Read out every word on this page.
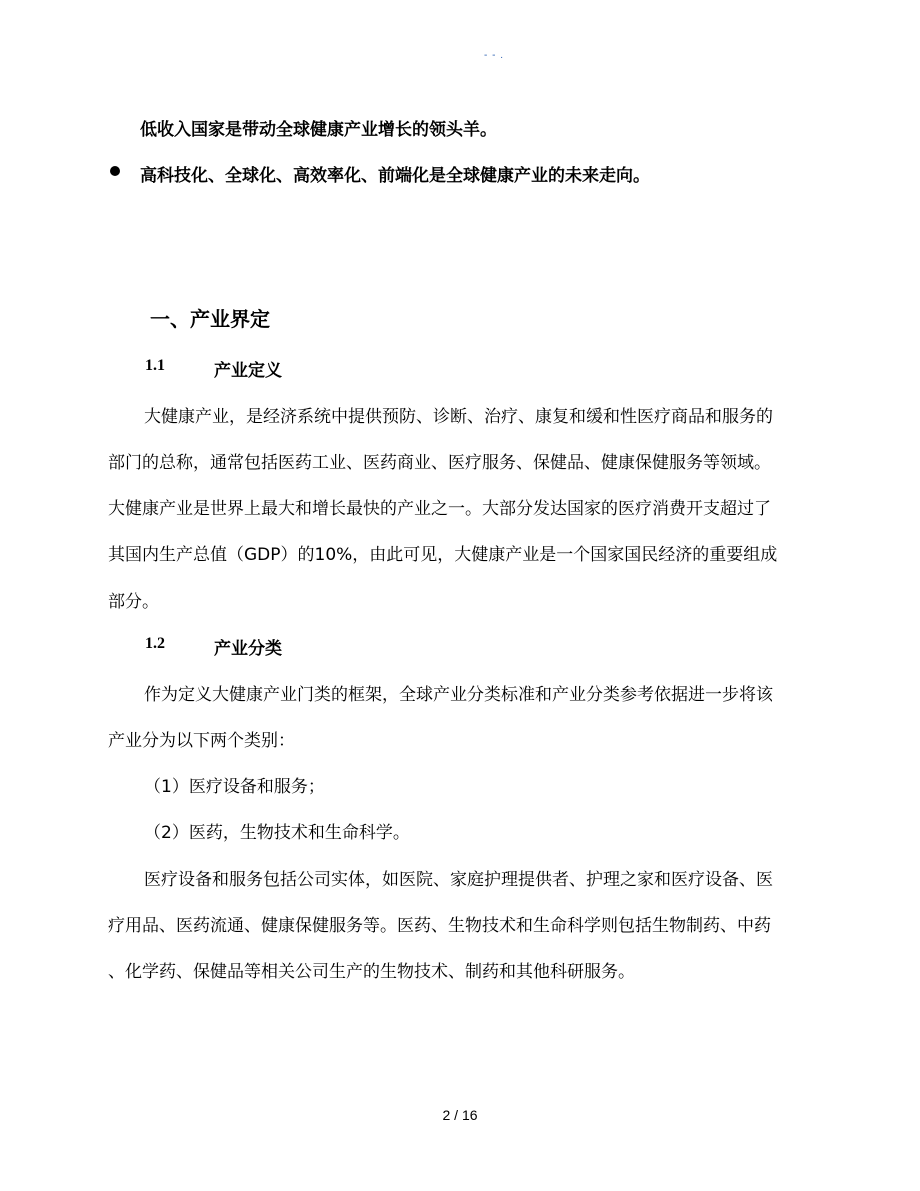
- - .
低收入国家是带动全球健康产业增长的领头羊。
高科技化、全球化、高效率化、前端化是全球健康产业的未来走向。
一、产业界定
1.1	产业定义
大健康产业，是经济系统中提供预防、诊断、治疗、康复和缓和性医疗商品和服务的
部门的总称，通常包括医药工业、医药商业、医疗服务、保健品、健康保健服务等领域。
大健康产业是世界上最大和增长最快的产业之一。大部分发达国家的医疗消费开支超过了
其国内生产总值（GDP）的10%，由此可见，大健康产业是一个国家国民经济的重要组成
部分。
1.2	产业分类
作为定义大健康产业门类的框架，全球产业分类标准和产业分类参考依据进一步将该
产业分为以下两个类别：
（1）医疗设备和服务；
（2）医药，生物技术和生命科学。
医疗设备和服务包括公司实体，如医院、家庭护理提供者、护理之家和医疗设备、医
疗用品、医药流通、健康保健服务等。医药、生物技术和生命科学则包括生物制药、中药
、化学药、保健品等相关公司生产的生物技术、制药和其他科研服务。
2 / 16
